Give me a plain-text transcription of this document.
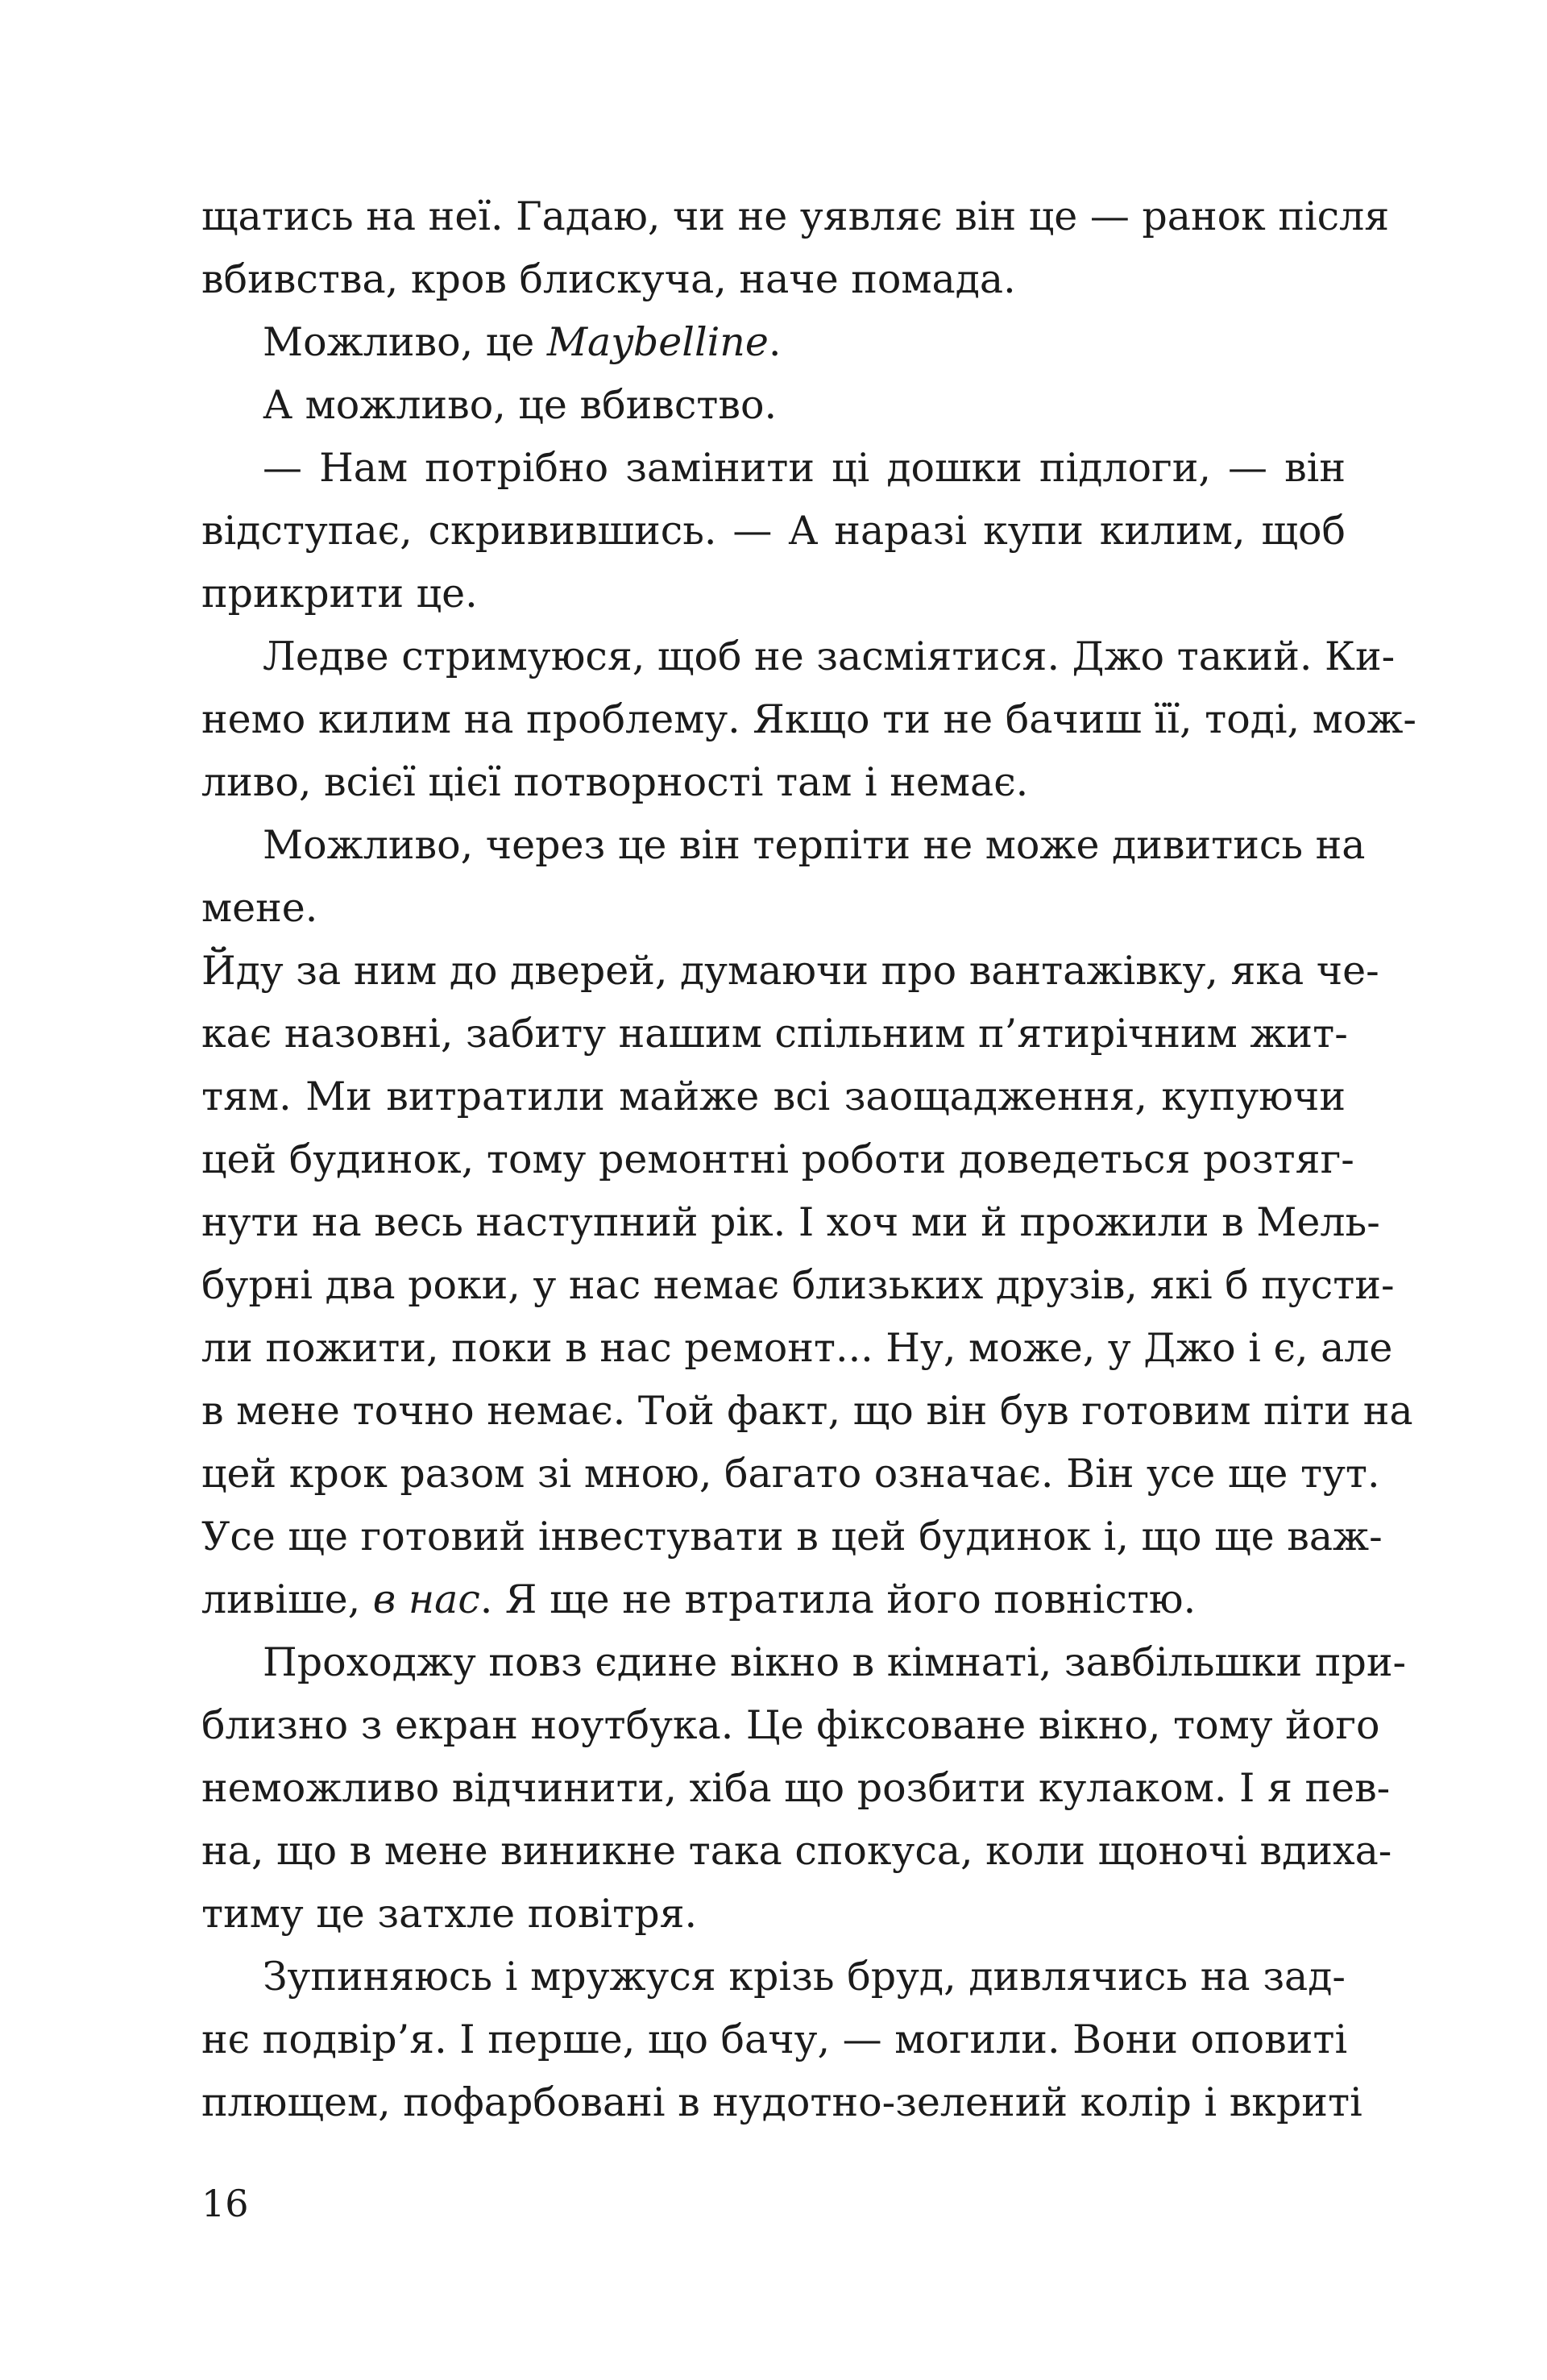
щатись на неї. Гадаю, чи не уявляє він це — ранок після
вбивства, кров блискуча, наче помада.
Можливо, це Maybelline.
А можливо, це вбивство.
— Нам потрібно замінити ці дошки підлоги, — він
відступає, скривившись. — А наразі купи килим, щоб
прикрити це.
Ледве стримуюся, щоб не засміятися. Джо такий. Ки-
немо килим на проблему. Якщо ти не бачиш її, тоді, мож-
ливо, всієї цієї потворності там і немає.
Можливо, через це він терпіти не може дивитись на
мене.
Йду за ним до дверей, думаючи про вантажівку, яка че-
кає назовні, забиту нашим спільним п’ятирічним жит-
тям. Ми витратили майже всі заощадження, купуючи
цей будинок, тому ремонтні роботи доведеться розтяг-
нути на весь наступний рік. І хоч ми й прожили в Мель-
бурні два роки, у нас немає близьких друзів, які б пусти-
ли пожити, поки в нас ремонт... Ну, може, у Джо і є, але
в мене точно немає. Той факт, що він був готовим піти на
цей крок разом зі мною, багато означає. Він усе ще тут.
Усе ще готовий інвестувати в цей будинок і, що ще важ-
ливіше, в нас. Я ще не втратила його повністю.
Проходжу повз єдине вікно в кімнаті, завбільшки при-
близно з екран ноутбука. Це фіксоване вікно, тому його
неможливо відчинити, хіба що розбити кулаком. І я пев-
на, що в мене виникне така спокуса, коли щоночі вдиха-
тиму це затхле повітря.
Зупиняюсь і мружуся крізь бруд, дивлячись на зад-
нє подвір’я. І перше, що бачу, — могили. Вони оповиті
плющем, пофарбовані в нудотно-зелений колір і вкриті
16
